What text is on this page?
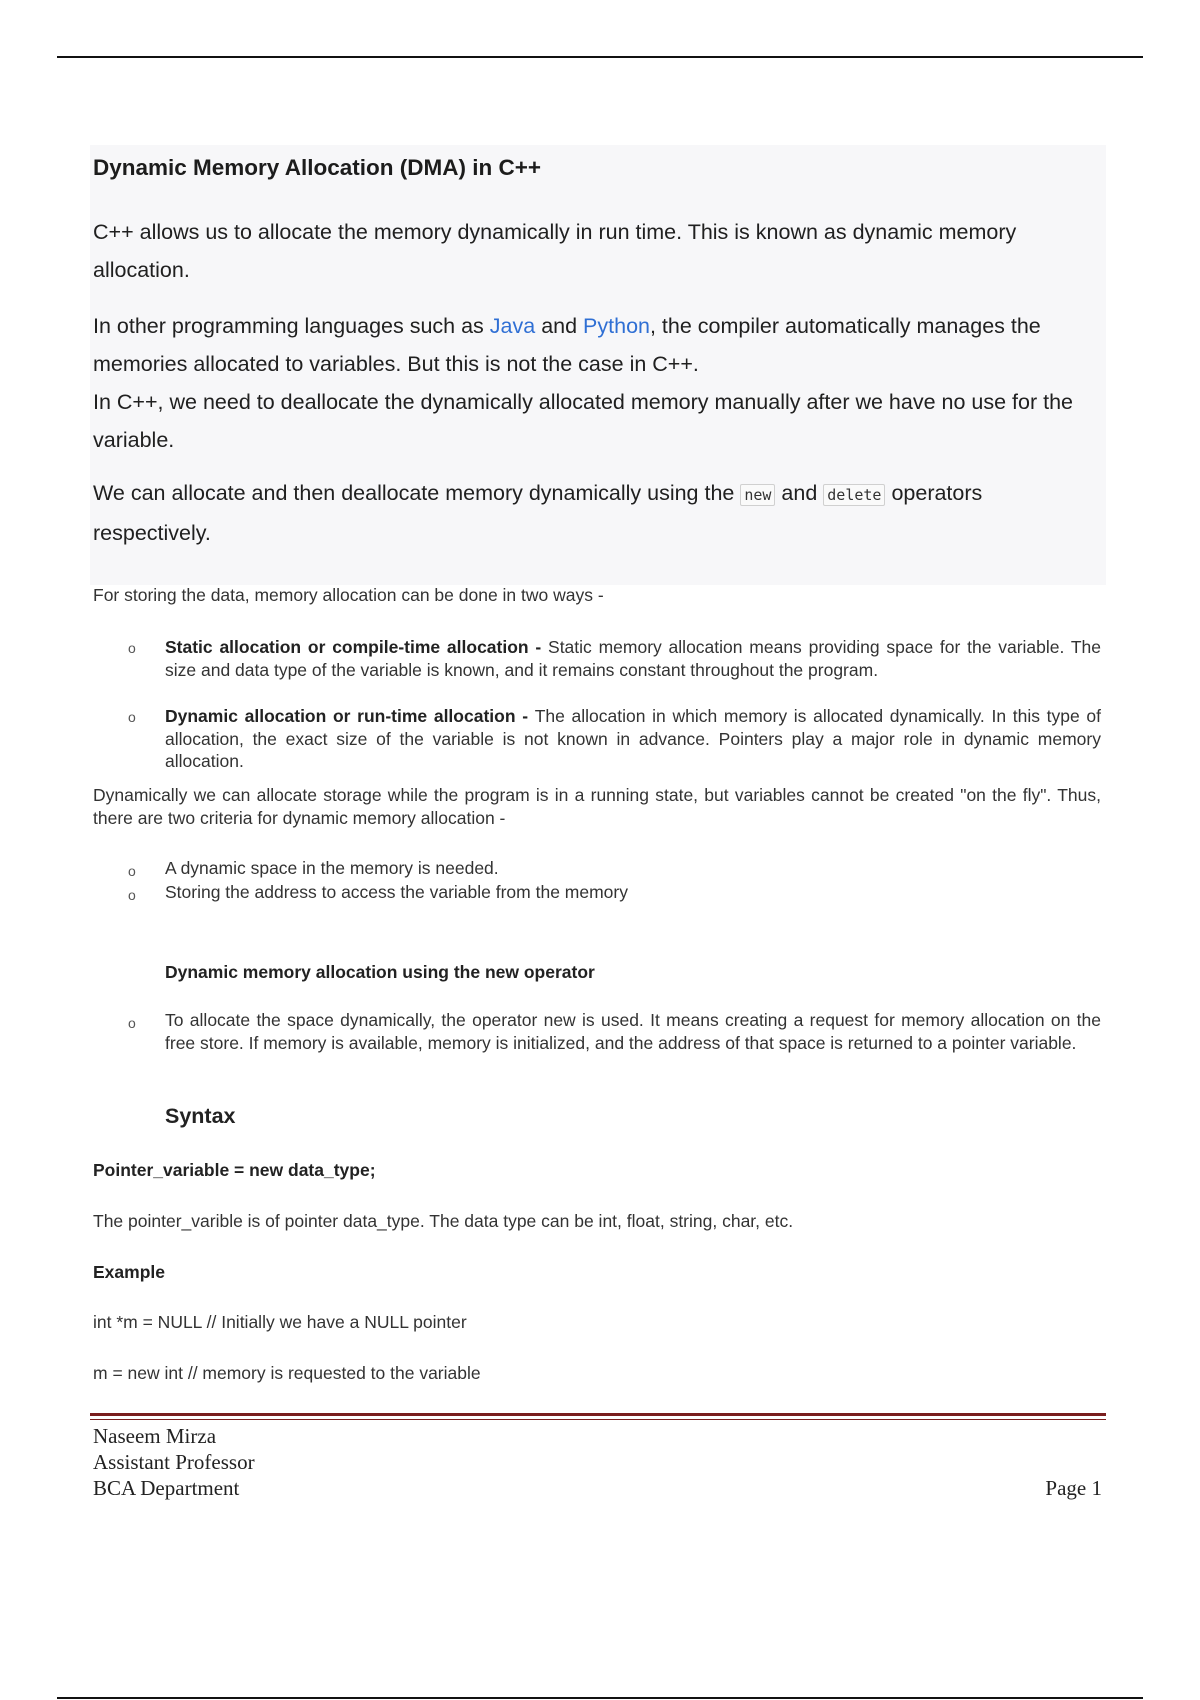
Dynamic Memory Allocation (DMA) in C++

C++ allows us to allocate the memory dynamically in run time. This is known as dynamic memory allocation.

In other programming languages such as Java and Python, the compiler automatically manages the memories allocated to variables. But this is not the case in C++.

In C++, we need to deallocate the dynamically allocated memory manually after we have no use for the variable.

We can allocate and then deallocate memory dynamically using the new and delete operators respectively.

For storing the data, memory allocation can be done in two ways -
o Static allocation or compile-time allocation - Static memory allocation means providing space for the variable. The size and data type of the variable is known, and it remains constant throughout the program.
o Dynamic allocation or run-time allocation - The allocation in which memory is allocated dynamically. In this type of allocation, the exact size of the variable is not known in advance. Pointers play a major role in dynamic memory allocation.
Dynamically we can allocate storage while the program is in a running state, but variables cannot be created "on the fly". Thus, there are two criteria for dynamic memory allocation -
o A dynamic space in the memory is needed.
o Storing the address to access the variable from the memory
Dynamic memory allocation using the new operator
o To allocate the space dynamically, the operator new is used. It means creating a request for memory allocation on the free store. If memory is available, memory is initialized, and the address of that space is returned to a pointer variable.
Syntax
Pointer_variable = new data_type;
The pointer_varible is of pointer data_type. The data type can be int, float, string, char, etc.
Example
int *m = NULL // Initially we have a NULL pointer
m = new int // memory is requested to the variable
Naseem Mirza
Assistant Professor
BCA Department	Page 1
